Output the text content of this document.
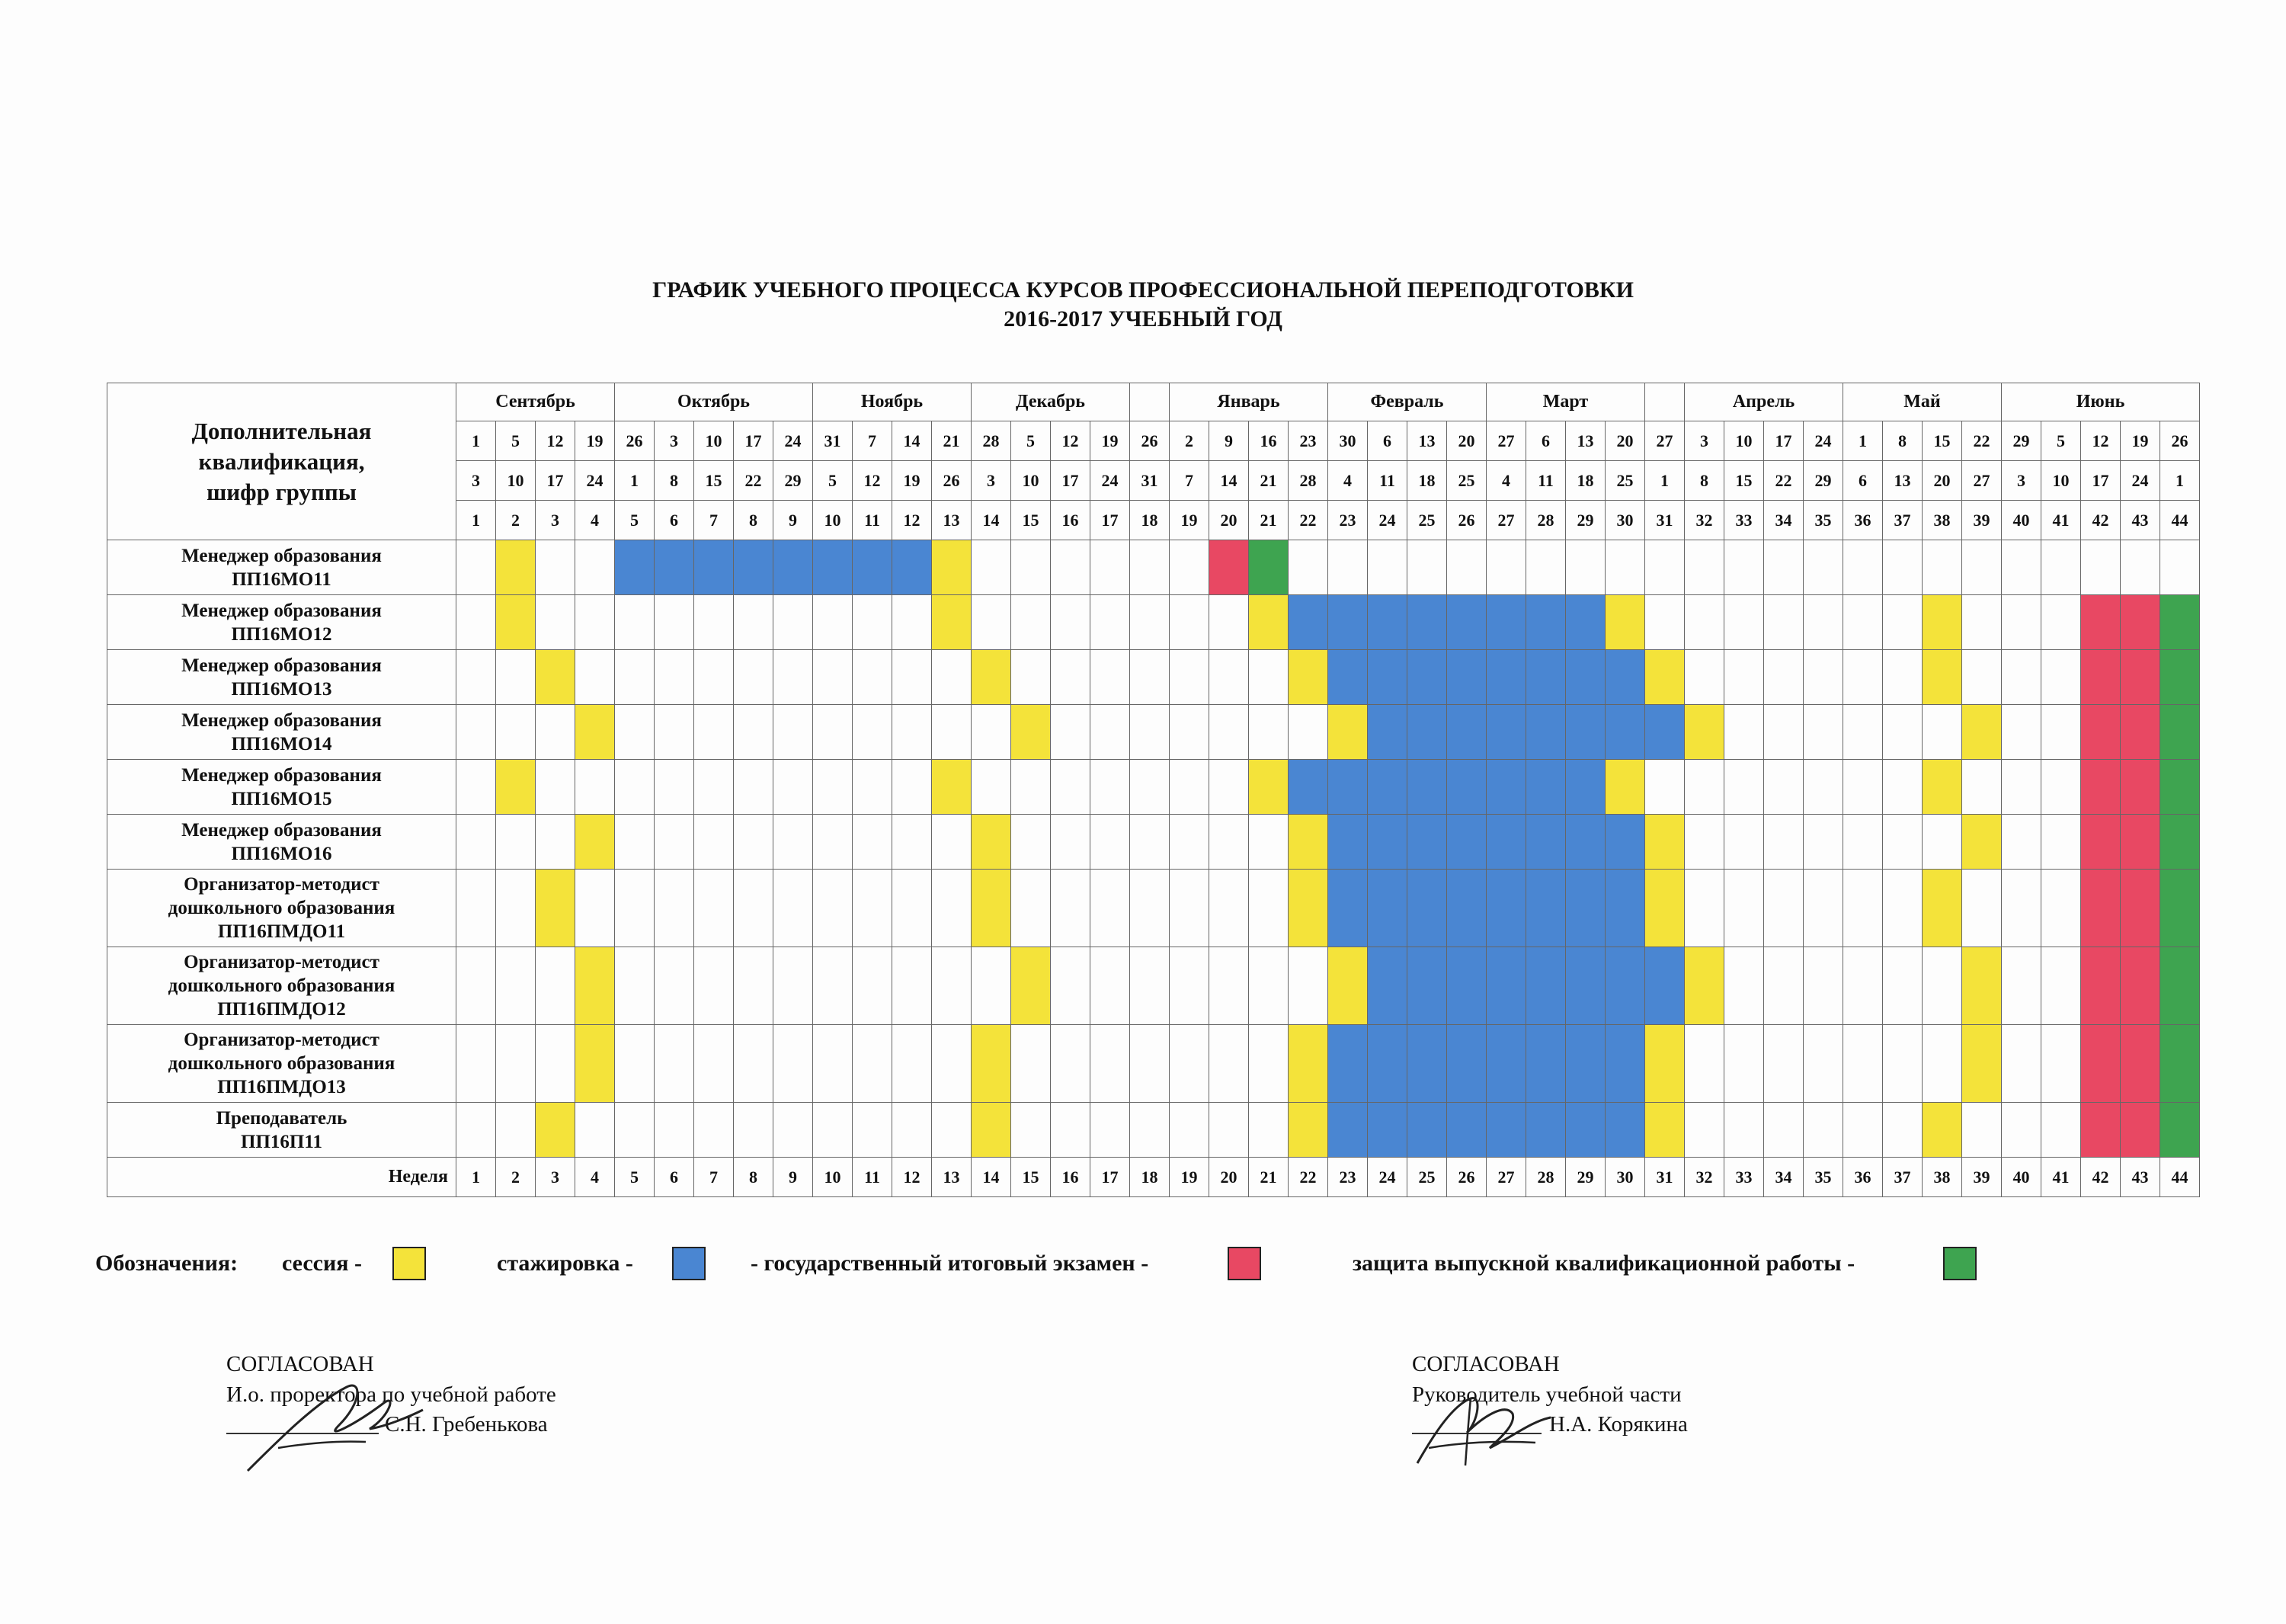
ГРАФИК УЧЕБНОГО ПРОЦЕССА КУРСОВ ПРОФЕССИОНАЛЬНОЙ ПЕРЕПОДГОТОВКИ
2016-2017 УЧЕБНЫЙ ГОД
Дополнительная
квалификация,
шифр группы	Сентябрь				Октябрь					Ноябрь				Декабрь					Январь				Февраль				Март					Апрель				Май				Июнь				
	1	5	12	19	26	3	10	17	24	31	7	14	21	28	5	12	19	26	2	9	16	23	30	6	13	20	27	6	13	20	27	3	10	17	24	1	8	15	22	29	5	12	19	26
	3	10	17	24	1	8	15	22	29	5	12	19	26	3	10	17	24	31	7	14	21	28	4	11	18	25	4	11	18	25	1	8	15	22	29	6	13	20	27	3	10	17	24	1
	1	2	3	4	5	6	7	8	9	10	11	12	13	14	15	16	17	18	19	20	21	22	23	24	25	26	27	28	29	30	31	32	33	34	35	36	37	38	39	40	41	42	43	44

Менеджер образования
ПП16МО11																																												

Менеджер образования
ПП16МО12																																												

Менеджер образования
ПП16МО13																																												

Менеджер образования
ПП16МО14																																												

Менеджер образования
ПП16МО15																																												

Менеджер образования
ПП16МО16																																												

Организатор-методист
дошкольного образования
ПП16ПМДО11																																												

Организатор-методист
дошкольного образования
ПП16ПМДО12																																												

Организатор-методист
дошкольного образования
ПП16ПМДО13																																												

Преподаватель
ПП16П11																																												

Неделя	1	2	3	4	5	6	7	8	9	10	11	12	13	14	15	16	17	18	19	20	21	22	23	24	25	26	27	28	29	30	31	32	33	34	35	36	37	38	39	40	41	42	43	44
Обозначения: сессия -	стажировка -	- государственный итоговый экзамен -	защита выпускной квалификационной работы -
СОГЛАСОВАН
И.о. проректора по учебной работе
С.Н. Гребенькова
СОГЛАСОВАН
Руководитель учебной части
Н.А. Корякина
